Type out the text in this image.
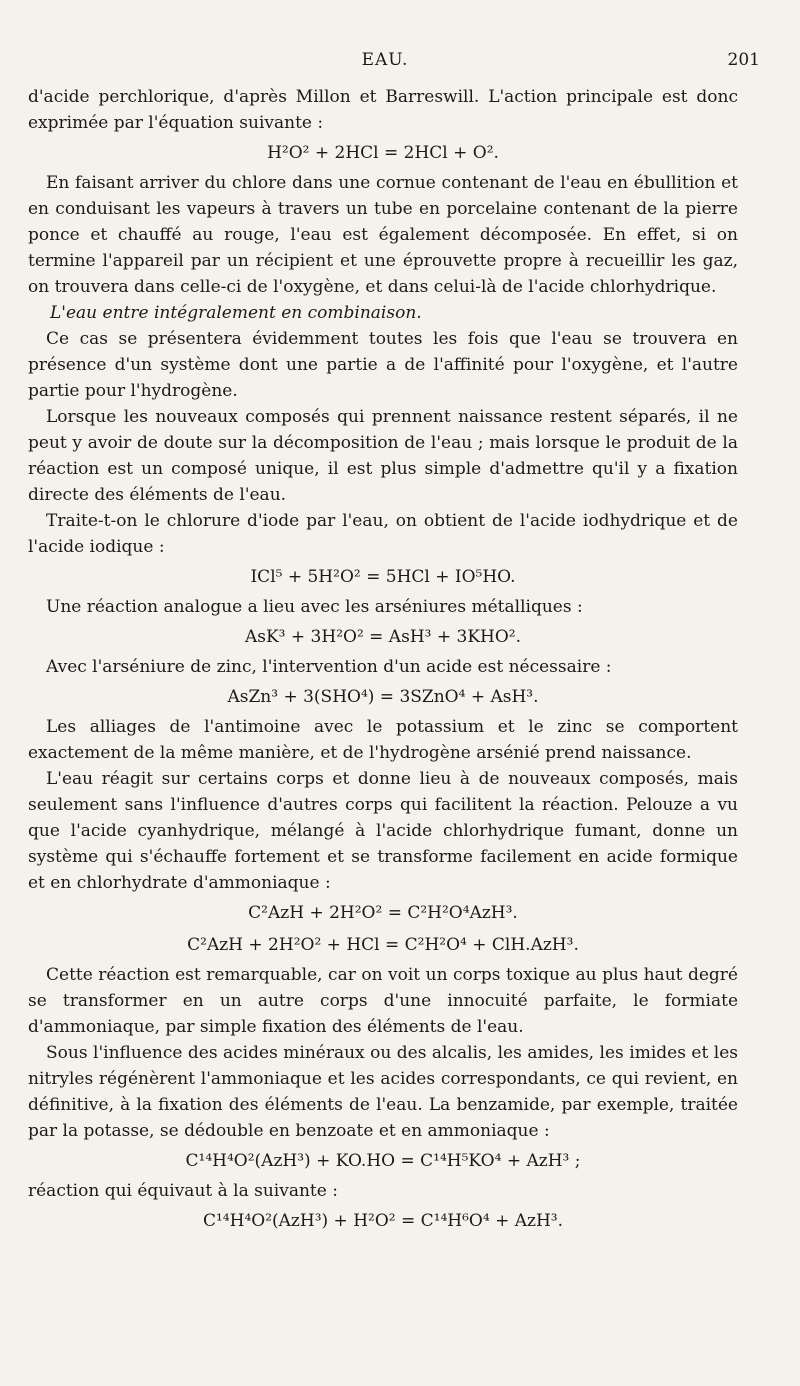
EAU.	201

d'acide perchlorique, d'après Millon et Barreswill. L'action principale est donc exprimée par l'équation suivante :

H²O² + 2HCl = 2HCl + O².

En faisant arriver du chlore dans une cornue contenant de l'eau en ébullition et en conduisant les vapeurs à travers un tube en porcelaine contenant de la pierre ponce et chauffé au rouge, l'eau est également décomposée. En effet, si on termine l'appareil par un récipient et une éprouvette propre à recueillir les gaz, on trouvera dans celle-ci de l'oxygène, et dans celui-là de l'acide chlorhydrique.

L'eau entre intégralement en combinaison.

Ce cas se présentera évidemment toutes les fois que l'eau se trouvera en présence d'un système dont une partie a de l'affinité pour l'oxygène, et l'autre partie pour l'hydrogène.

Lorsque les nouveaux composés qui prennent naissance restent séparés, il ne peut y avoir de doute sur la décomposition de l'eau ; mais lorsque le produit de la réaction est un composé unique, il est plus simple d'admettre qu'il y a fixation directe des éléments de l'eau.

Traite-t-on le chlorure d'iode par l'eau, on obtient de l'acide iodhydrique et de l'acide iodique :

ICl⁵ + 5H²O² = 5HCl + IO⁵HO.

Une réaction analogue a lieu avec les arséniures métalliques :

AsK³ + 3H²O² = AsH³ + 3KHO².

Avec l'arséniure de zinc, l'intervention d'un acide est nécessaire :

AsZn³ + 3(SHO⁴) = 3SZnO⁴ + AsH³.

Les alliages de l'antimoine avec le potassium et le zinc se comportent exactement de la même manière, et de l'hydrogène arsénié prend naissance.

L'eau réagit sur certains corps et donne lieu à de nouveaux composés, mais seulement sans l'influence d'autres corps qui facilitent la réaction. Pelouze a vu que l'acide cyanhydrique, mélangé à l'acide chlorhydrique fumant, donne un système qui s'échauffe fortement et se transforme facilement en acide formique et en chlorhydrate d'ammoniaque :

C²AzH + 2H²O² = C²H²O⁴AzH³.
C²AzH + 2H²O² + HCl = C²H²O⁴ + ClH.AzH³.

Cette réaction est remarquable, car on voit un corps toxique au plus haut degré se transformer en un autre corps d'une innocuité parfaite, le formiate d'ammoniaque, par simple fixation des éléments de l'eau.

Sous l'influence des acides minéraux ou des alcalis, les amides, les imides et les nitryles régénèrent l'ammoniaque et les acides correspondants, ce qui revient, en définitive, à la fixation des éléments de l'eau. La benzamide, par exemple, traitée par la potasse, se dédouble en benzoate et en ammoniaque :

C¹⁴H⁴O²(AzH³) + KO.HO = C¹⁴H⁵KO⁴ + AzH³ ;

réaction qui équivaut à la suivante :

C¹⁴H⁴O²(AzH³) + H²O² = C¹⁴H⁶O⁴ + AzH³.
